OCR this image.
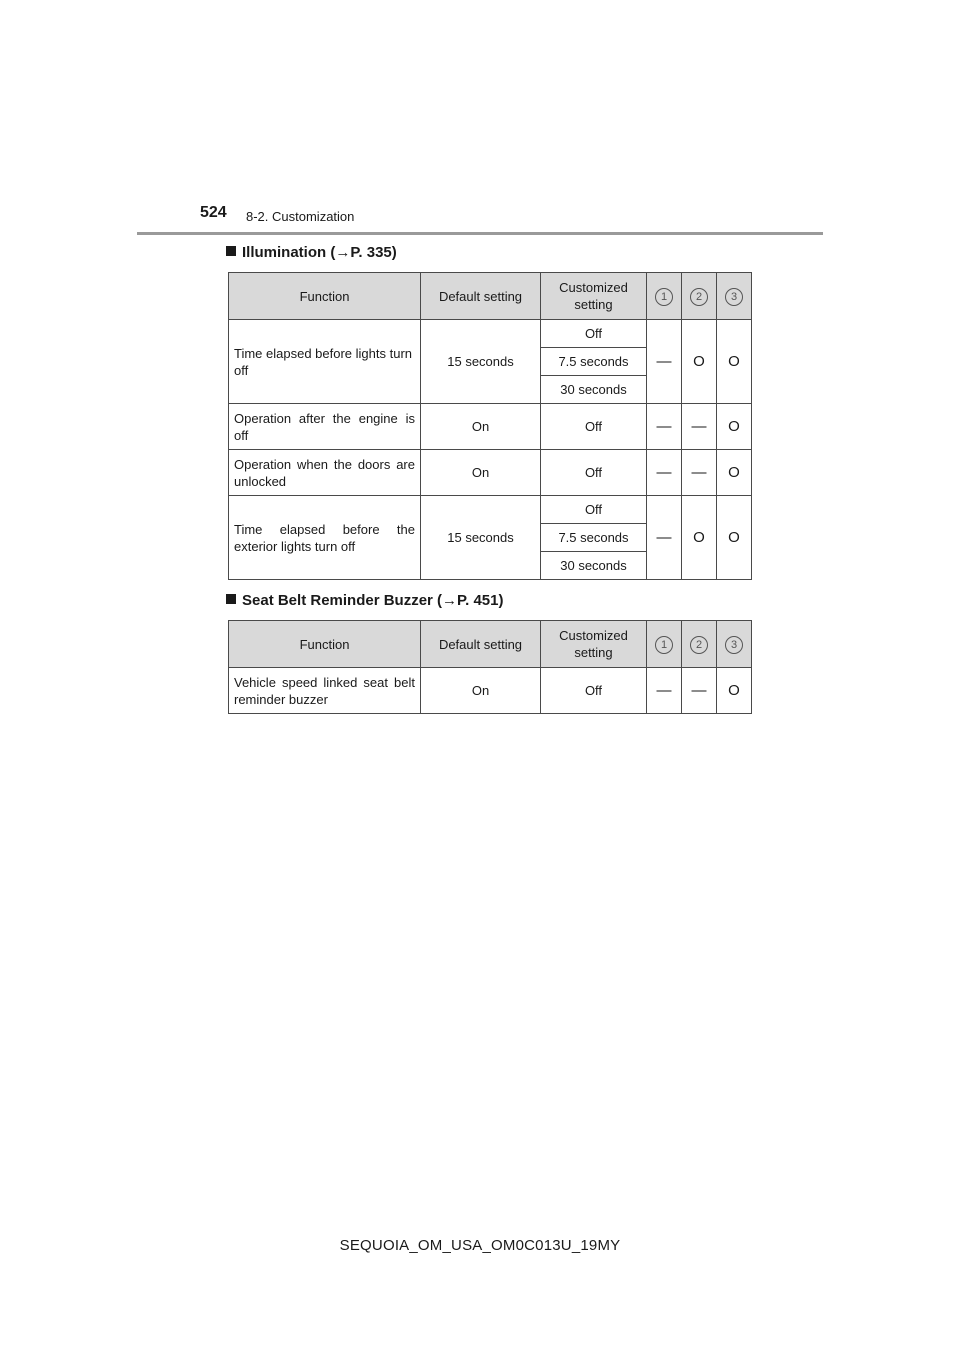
524 8-2. Customization
Illumination (→P. 335)
Function	Default setting	Customized setting	1	2	3
Time elapsed before lights turn off	15 seconds	Off	—	O	O
		7.5 seconds			
		30 seconds			
Operation after the engine is off	On	Off	—	—	O
Operation when the doors are unlocked	On	Off	—	—	O
Time elapsed before the exterior lights turn off	15 seconds	Off	—	O	O
		7.5 seconds			
		30 seconds			
Seat Belt Reminder Buzzer (→P. 451)
Function	Default setting	Customized setting	1	2	3
Vehicle speed linked seat belt reminder buzzer	On	Off	—	—	O
SEQUOIA_OM_USA_OM0C013U_19MY
